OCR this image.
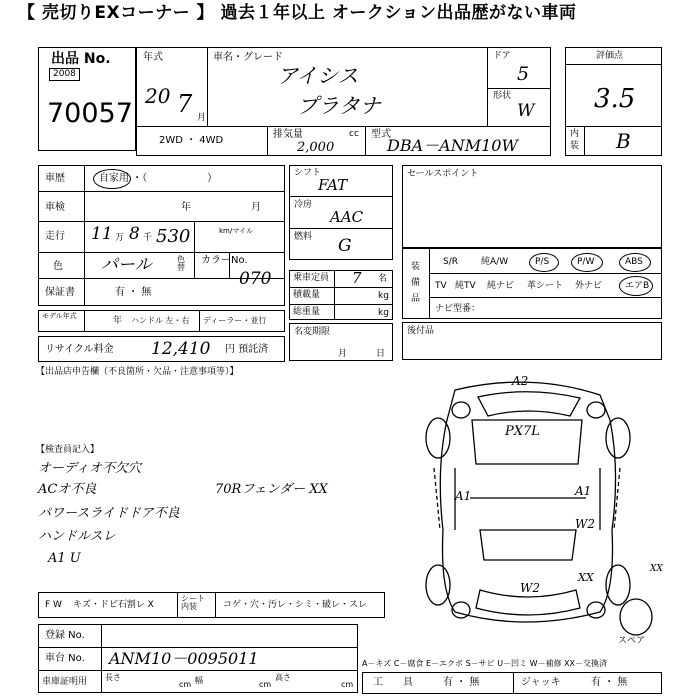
【 売切りEXコーナー 】 過去１年以上 オークション出品歴がない車両
出品 No.
2008
70057
年式
20 7 月
車名・グレード
アイシス
プラタナ
ドア
5
形状
W
2WD ・ 4WD
排気量	cc
2,000
型式
DBA－ANM10W
評価点
3.5
内
装 B
車歴	自家用 ・（　　　　　　）
車検	年	月
走行 11 万 8 千 530	km/マイル
色 パール	色替
カラーNo.
070
保証書	有 ・ 無
モデル年式	年 ハンドル 左・右 ディーラー・並行
リサイクル料金 12,410 円 預託済
【出品店申告欄（不良箇所・欠品・注意事項等）】
シフト
FAT
冷房
AAC
燃料 G
乗車定員 7 名
積載量	kg
総重量	kg
名変期限
月	日
セールスポイント
装備品
S/R	純A/W	P/S	P/W	ABS
TV 純TV 純ナビ 革シート 外ナビ	エアB
ナビ型番：
後付品
【検査員記入】
オーディオ不欠穴
ACオ不良
パワースライドドア不良
ハンドルスレ
A1 U
70Rフェンダー XX
A2
PX7L
A1	A1
W2
W2
XX
XX
スペア
F W キズ・ドビ石割レ X
シート内装	コゲ・穴・汚レ・シミ・破レ・スレ
登録 No.
車台 No. ANM10－0095011
車庫証明用 長さ
cm 幅	cm
高さ
cm
A－キズ C－腐食 E－エクボ S－サビ U－凹ミ W－補修 XX－交換済
工　　具	有 ・ 無	ジャッキ	有 ・ 無
